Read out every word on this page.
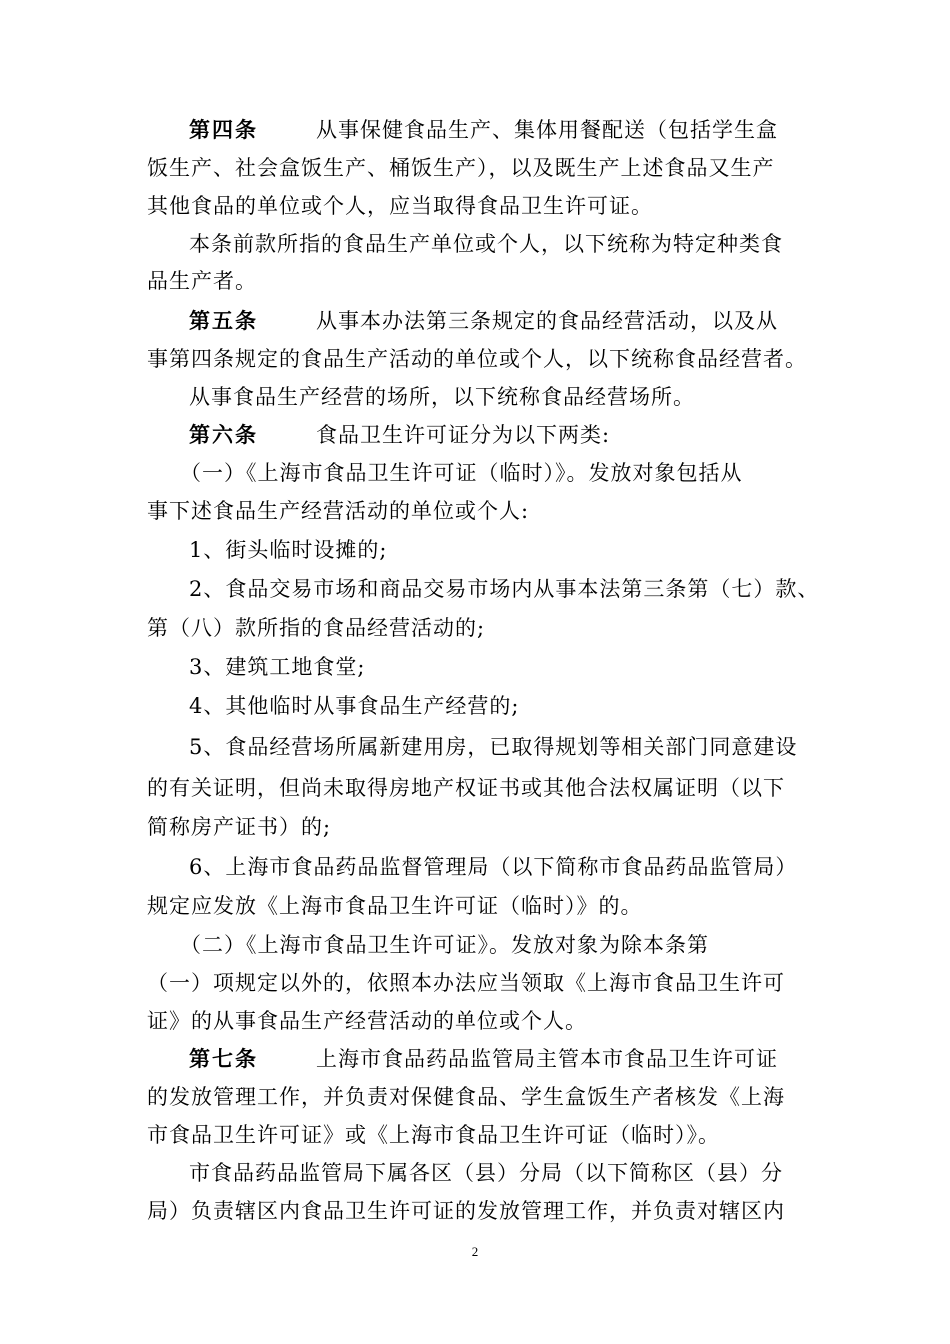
第四条	从事保健食品生产、集体用餐配送（包括学生盒
饭生产、社会盒饭生产、桶饭生产），以及既生产上述食品又生产
其他食品的单位或个人，应当取得食品卫生许可证。
本条前款所指的食品生产单位或个人，以下统称为特定种类食
品生产者。
第五条	从事本办法第三条规定的食品经营活动，以及从
事第四条规定的食品生产活动的单位或个人，以下统称食品经营者。
从事食品生产经营的场所，以下统称食品经营场所。
第六条	食品卫生许可证分为以下两类:
（一）《上海市食品卫生许可证（临时）》。发放对象包括从
事下述食品生产经营活动的单位或个人:
1、街头临时设摊的;
2、食品交易市场和商品交易市场内从事本法第三条第（七）款、
第（八）款所指的食品经营活动的;
3、建筑工地食堂;
4、其他临时从事食品生产经营的;
5、食品经营场所属新建用房，已取得规划等相关部门同意建设
的有关证明，但尚未取得房地产权证书或其他合法权属证明（以下
简称房产证书）的;
6、上海市食品药品监督管理局（以下简称市食品药品监管局）
规定应发放《上海市食品卫生许可证（临时）》的。
（二）《上海市食品卫生许可证》。发放对象为除本条第
（一）项规定以外的，依照本办法应当领取《上海市食品卫生许可
证》的从事食品生产经营活动的单位或个人。
第七条	上海市食品药品监管局主管本市食品卫生许可证
的发放管理工作，并负责对保健食品、学生盒饭生产者核发《上海
市食品卫生许可证》或《上海市食品卫生许可证（临时）》。
市食品药品监管局下属各区（县）分局（以下简称区（县）分
局）负责辖区内食品卫生许可证的发放管理工作，并负责对辖区内
2
